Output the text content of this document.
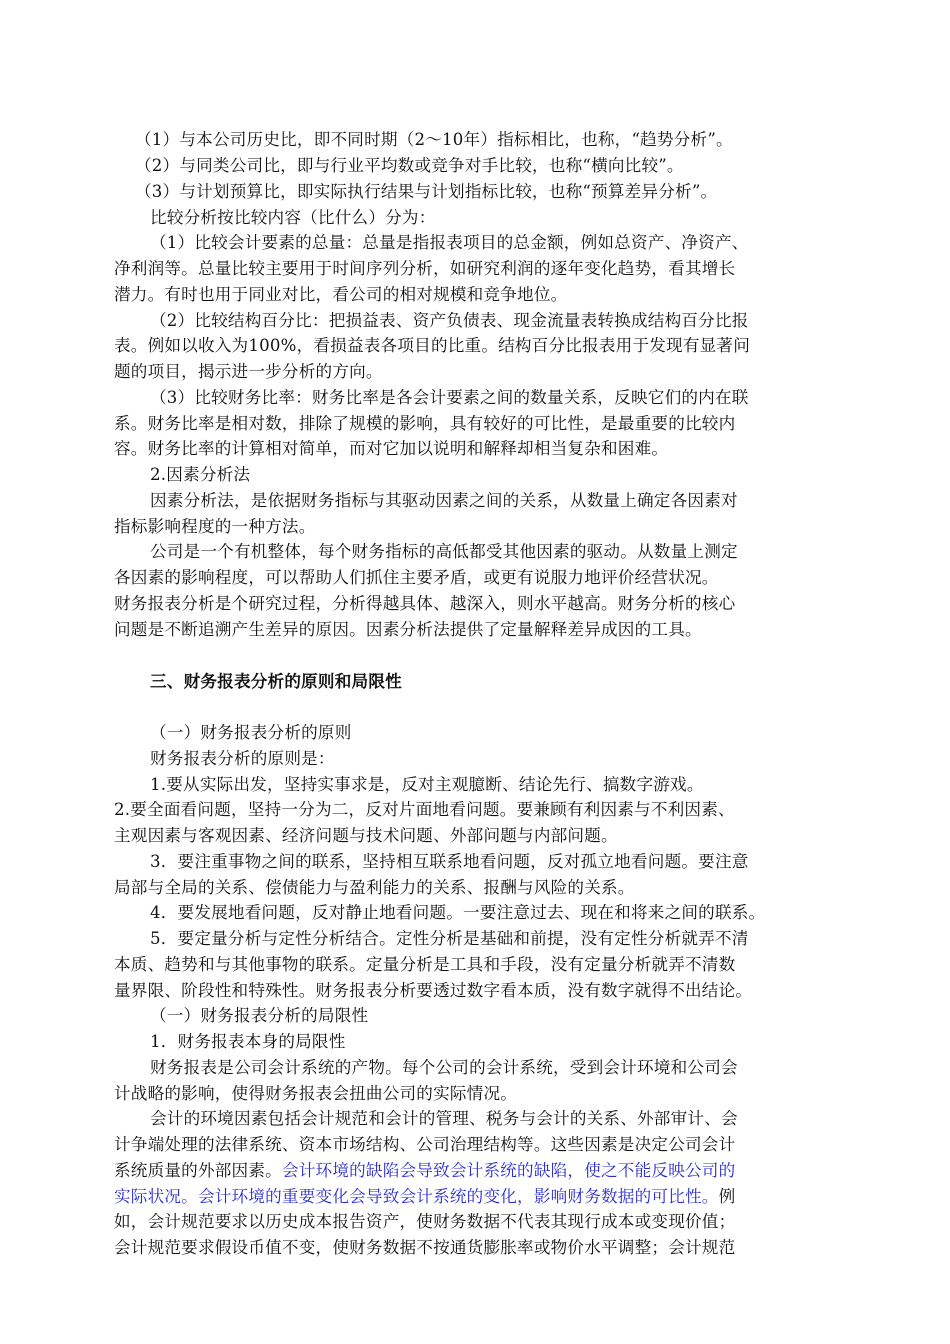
（1）与本公司历史比，即不同时期（2～10年）指标相比，也称，“趋势分析”。
（2）与同类公司比，即与行业平均数或竞争对手比较，也称“横向比较”。
（3）与计划预算比，即实际执行结果与计划指标比较，也称“预算差异分析”。
比较分析按比较内容（比什么）分为：
（1）比较会计要素的总量：总量是指报表项目的总金额，例如总资产、净资产、
净利润等。总量比较主要用于时间序列分析，如研究利润的逐年变化趋势，看其增长
潜力。有时也用于同业对比，看公司的相对规模和竞争地位。
（2）比较结构百分比：把损益表、资产负债表、现金流量表转换成结构百分比报
表。例如以收入为100%，看损益表各项目的比重。结构百分比报表用于发现有显著问
题的项目，揭示进一步分析的方向。
（3）比较财务比率：财务比率是各会计要素之间的数量关系，反映它们的内在联
系。财务比率是相对数，排除了规模的影响，具有较好的可比性，是最重要的比较内
容。财务比率的计算相对简单，而对它加以说明和解释却相当复杂和困难。
2.因素分析法
因素分析法，是依据财务指标与其驱动因素之间的关系，从数量上确定各因素对
指标影响程度的一种方法。
公司是一个有机整体，每个财务指标的高低都受其他因素的驱动。从数量上测定
各因素的影响程度，可以帮助人们抓住主要矛盾，或更有说服力地评价经营状况。
财务报表分析是个研究过程，分析得越具体、越深入，则水平越高。财务分析的核心
问题是不断追溯产生差异的原因。因素分析法提供了定量解释差异成因的工具。
三、财务报表分析的原则和局限性
（一）财务报表分析的原则
财务报表分析的原则是：
1.要从实际出发，坚持实事求是，反对主观臆断、结论先行、搞数字游戏。
2.要全面看问题，坚持一分为二，反对片面地看问题。要兼顾有利因素与不利因素、
主观因素与客观因素、经济问题与技术问题、外部问题与内部问题。
3．要注重事物之间的联系，坚持相互联系地看问题，反对孤立地看问题。要注意
局部与全局的关系、偿债能力与盈利能力的关系、报酬与风险的关系。
4．要发展地看问题，反对静止地看问题。一要注意过去、现在和将来之间的联系。
5．要定量分析与定性分析结合。定性分析是基础和前提，没有定性分析就弄不清
本质、趋势和与其他事物的联系。定量分析是工具和手段，没有定量分析就弄不清数
量界限、阶段性和特殊性。财务报表分析要透过数字看本质，没有数字就得不出结论。
（一）财务报表分析的局限性
1．财务报表本身的局限性
财务报表是公司会计系统的产物。每个公司的会计系统，受到会计环境和公司会
计战略的影响，使得财务报表会扭曲公司的实际情况。
会计的环境因素包括会计规范和会计的管理、税务与会计的关系、外部审计、会
计争端处理的法律系统、资本市场结构、公司治理结构等。这些因素是决定公司会计
系统质量的外部因素。会计环境的缺陷会导致会计系统的缺陷，使之不能反映公司的
实际状况。会计环境的重要变化会导致会计系统的变化，影响财务数据的可比性。例
如，会计规范要求以历史成本报告资产，使财务数据不代表其现行成本或变现价值；
会计规范要求假设币值不变，使财务数据不按通货膨胀率或物价水平调整；会计规范
